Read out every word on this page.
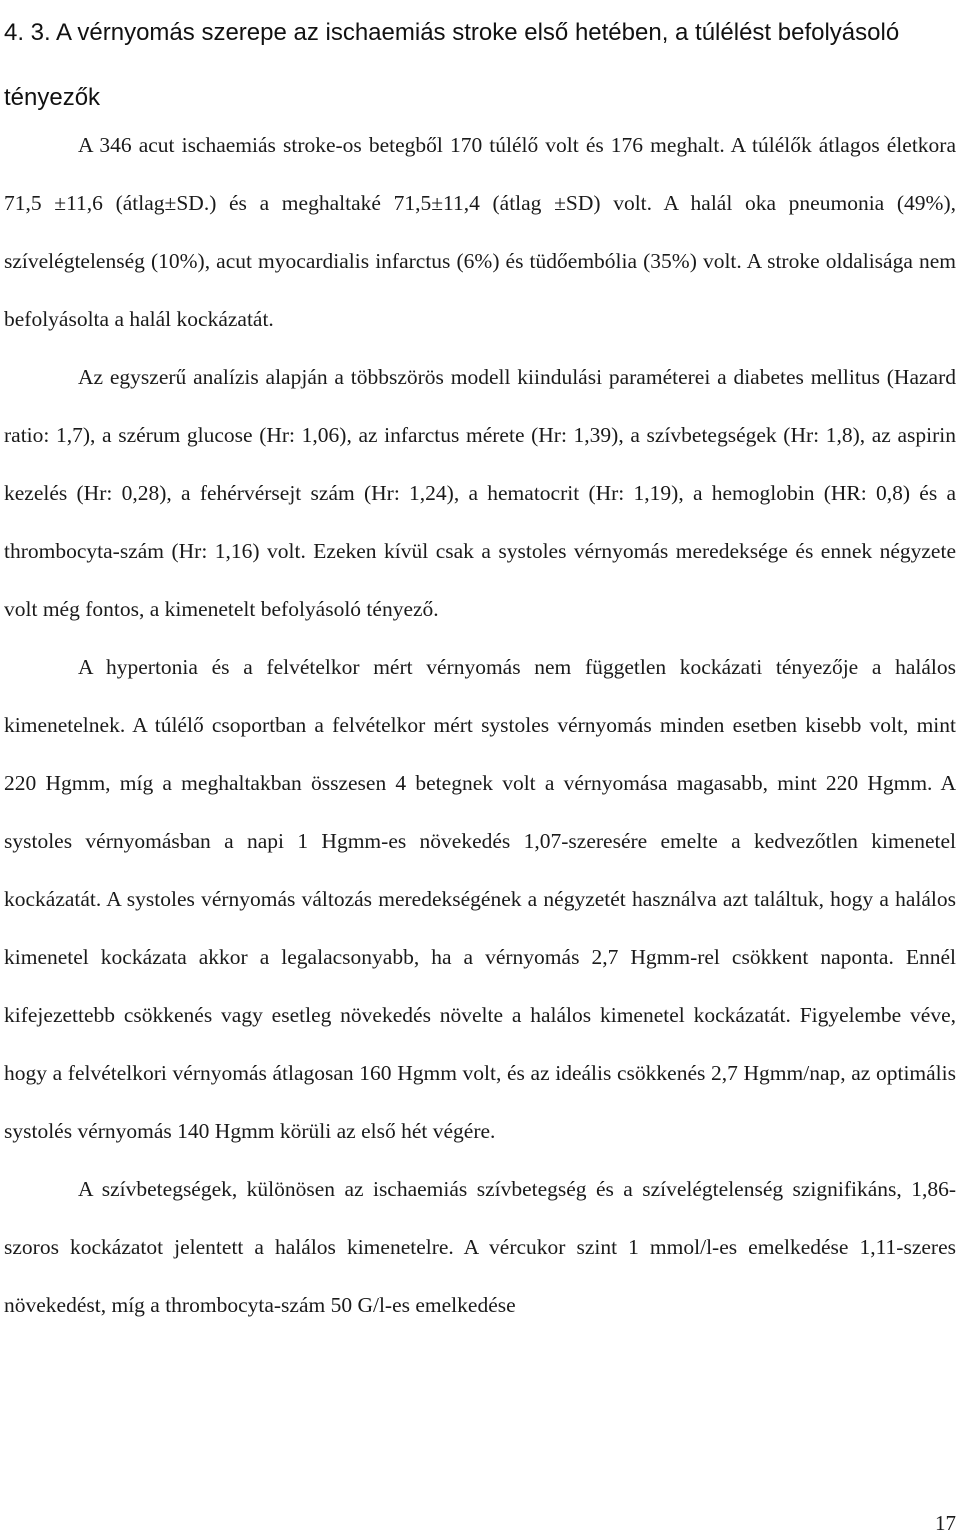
4. 3. A vérnyomás szerepe az ischaemiás stroke első hetében, a túlélést befolyásoló tényezők

A 346 acut ischaemiás stroke-os betegből 170 túlélő volt és 176 meghalt. A túlélők átlagos életkora 71,5 ±11,6 (átlag±SD.) és a meghaltaké 71,5±11,4 (átlag ±SD) volt. A halál oka pneumonia (49%), szívelégtelenség (10%), acut myocardialis infarctus (6%) és tüdőembólia (35%) volt. A stroke oldalisága nem befolyásolta a halál kockázatát.

Az egyszerű analízis alapján a többszörös modell kiindulási paraméterei a diabetes mellitus (Hazard ratio: 1,7), a szérum glucose (Hr: 1,06), az infarctus mérete (Hr: 1,39), a szívbetegségek (Hr: 1,8), az aspirin kezelés (Hr: 0,28), a fehérvérsejt szám (Hr: 1,24), a hematocrit (Hr: 1,19), a hemoglobin (HR: 0,8) és a thrombocyta-szám (Hr: 1,16) volt. Ezeken kívül csak a systoles vérnyomás meredeksége és ennek négyzete volt még fontos, a kimenetelt befolyásoló tényező.

A hypertonia és a felvételkor mért vérnyomás nem független kockázati tényezője a halálos kimenetelnek. A túlélő csoportban a felvételkor mért systoles vérnyomás minden esetben kisebb volt, mint 220 Hgmm, míg a meghaltakban összesen 4 betegnek volt a vérnyomása magasabb, mint 220 Hgmm. A systoles vérnyomásban a napi 1 Hgmm-es növekedés 1,07-szeresére emelte a kedvezőtlen kimenetel kockázatát. A systoles vérnyomás változás meredekségének a négyzetét használva azt találtuk, hogy a halálos kimenetel kockázata akkor a legalacsonyabb, ha a vérnyomás 2,7 Hgmm-rel csökkent naponta. Ennél kifejezettebb csökkenés vagy esetleg növekedés növelte a halálos kimenetel kockázatát. Figyelembe véve, hogy a felvételkori vérnyomás átlagosan 160 Hgmm volt, és az ideális csökkenés 2,7 Hgmm/nap, az optimális systolés vérnyomás 140 Hgmm körüli az első hét végére.

A szívbetegségek, különösen az ischaemiás szívbetegség és a szívelégtelenség szignifikáns, 1,86-szoros kockázatot jelentett a halálos kimenetelre. A vércukor szint 1 mmol/l-es emelkedése 1,11-szeres növekedést, míg a thrombocyta-szám 50 G/l-es emelkedése

17
